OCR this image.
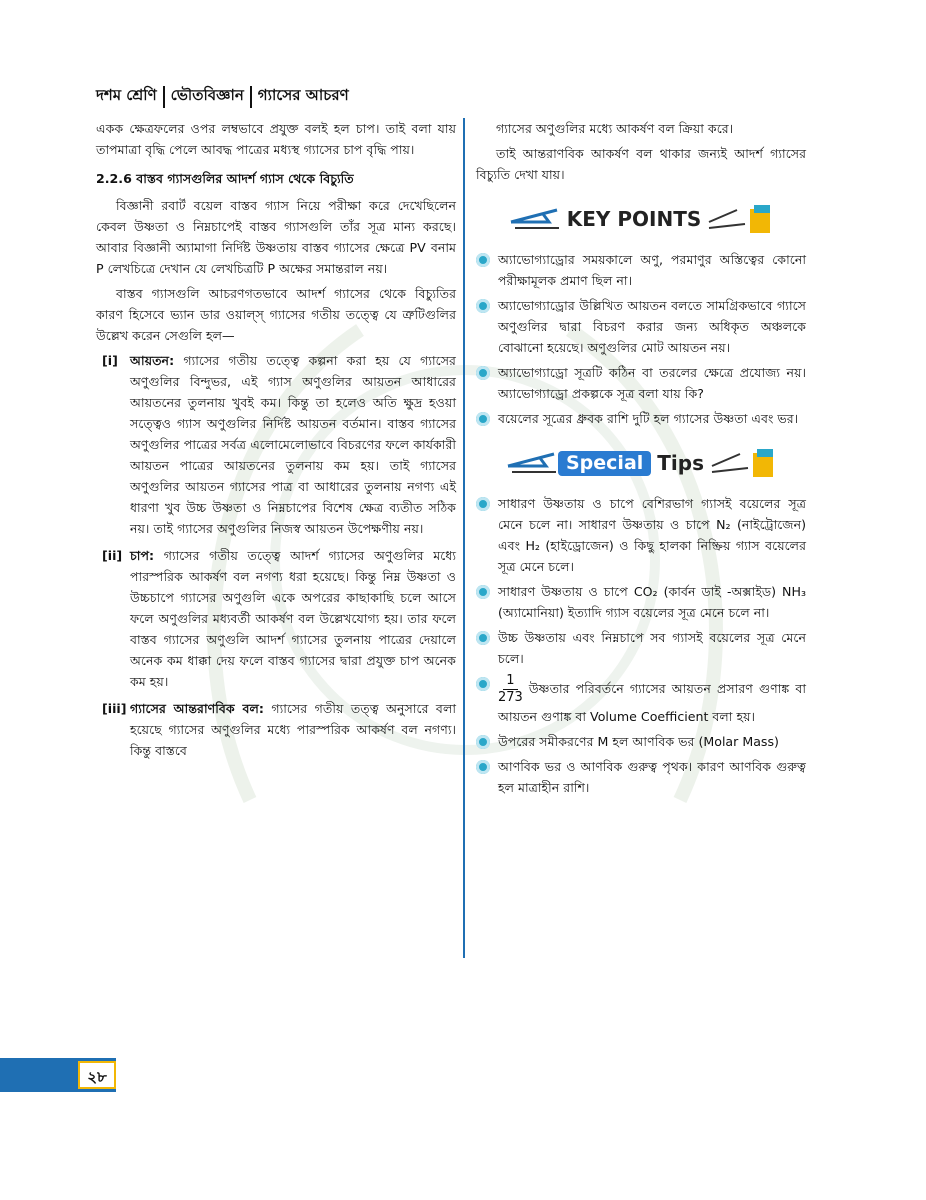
দশম শ্রেণি ভৌতবিজ্ঞান গ্যাসের আচরণ

একক ক্ষেত্রফলের ওপর লম্বভাবে প্রযুক্ত বলই হল চাপ। তাই বলা যায় তাপমাত্রা বৃদ্ধি পেলে আবদ্ধ পাত্রের মধ্যস্থ গ্যাসের চাপ বৃদ্ধি পায়।

2.2.6 বাস্তব গ্যাসগুলির আদর্শ গ্যাস থেকে বিচ্যুতি

বিজ্ঞানী রবার্ট বয়েল বাস্তব গ্যাস নিয়ে পরীক্ষা করে দেখেছিলেন কেবল উষ্ণতা ও নিম্নচাপেই বাস্তব গ্যাসগুলি তাঁর সূত্র মান্য করছে। আবার বিজ্ঞানী অ্যামাগা নির্দিষ্ট উষ্ণতায় বাস্তব গ্যাসের ক্ষেত্রে PV বনাম P লেখচিত্রে দেখান যে লেখচিত্রটি P অক্ষের সমান্তরাল নয়।

বাস্তব গ্যাসগুলি আচরণগতভাবে আদর্শ গ্যাসের থেকে বিচ্যুতির কারণ হিসেবে ভ্যান ডার ওয়াল্‌স্ গ্যাসের গতীয় তত্ত্বে যে ত্রুটিগুলির উল্লেখ করেন সেগুলি হল—

[i] আয়তন: গ্যাসের গতীয় তত্ত্বে কল্পনা করা হয় যে গ্যাসের অণুগুলির বিন্দুভর, এই গ্যাস অণুগুলির আয়তন আধারের আয়তনের তুলনায় খুবই কম। কিন্তু তা হলেও অতি ক্ষুদ্র হওয়া সত্ত্বেও গ্যাস অণুগুলির নির্দিষ্ট আয়তন বর্তমান। বাস্তব গ্যাসের অণুগুলির পাত্রের সর্বত্র এলোমেলোভাবে বিচরণের ফলে কার্যকারী আয়তন পাত্রের আয়তনের তুলনায় কম হয়। তাই গ্যাসের অণুগুলির আয়তন গ্যাসের পাত্র বা আধারের তুলনায় নগণ্য এই ধারণা খুব উচ্চ উষ্ণতা ও নিম্নচাপের বিশেষ ক্ষেত্র ব্যতীত সঠিক নয়। তাই গ্যাসের অণুগুলির নিজস্ব আয়তন উপেক্ষণীয় নয়।
[ii] চাপ: গ্যাসের গতীয় তত্ত্বে আদর্শ গ্যাসের অণুগুলির মধ্যে পারস্পরিক আকর্ষণ বল নগণ্য ধরা হয়েছে। কিন্তু নিম্ন উষ্ণতা ও উচ্চচাপে গ্যাসের অণুগুলি একে অপরের কাছাকাছি চলে আসে ফলে অণুগুলির মধ্যবর্তী আকর্ষণ বল উল্লেখযোগ্য হয়। তার ফলে বাস্তব গ্যাসের অণুগুলি আদর্শ গ্যাসের তুলনায় পাত্রের দেয়ালে অনেক কম ধাক্কা দেয় ফলে বাস্তব গ্যাসের দ্বারা প্রযুক্ত চাপ অনেক কম হয়।
[iii] গ্যাসের আন্তরাণবিক বল: গ্যাসের গতীয় তত্ত্ব অনুসারে বলা হয়েছে গ্যাসের অণুগুলির মধ্যে পারস্পরিক আকর্ষণ বল নগণ্য। কিন্তু বাস্তবে

গ্যাসের অণুগুলির মধ্যে আকর্ষণ বল ক্রিয়া করে।

তাই আন্তরাণবিক আকর্ষণ বল থাকার জন্যই আদর্শ গ্যাসের বিচ্যুতি দেখা যায়।

KEY POINTS
অ্যাভোগ্যাড্রোর সময়কালে অণু, পরমাণুর অস্তিত্বের কোনো পরীক্ষামূলক প্রমাণ ছিল না।
অ্যাভোগ্যাড্রোর উল্লিখিত আয়তন বলতে সামগ্রিকভাবে গ্যাসে অণুগুলির দ্বারা বিচরণ করার জন্য অধিকৃত অঞ্চলকে বোঝানো হয়েছে। অণুগুলির মোট আয়তন নয়।
অ্যাভোগ্যাড্রো সূত্রটি কঠিন বা তরলের ক্ষেত্রে প্রযোজ্য নয়। অ্যাভোগ্যাড্রো প্রকল্পকে সূত্র বলা যায় কি?
বয়েলের সূত্রের ধ্রুবক রাশি দুটি হল গ্যাসের উষ্ণতা এবং ভর।
Special Tips
সাধারণ উষ্ণতায় ও চাপে বেশিরভাগ গ্যাসই বয়েলের সূত্র মেনে চলে না। সাধারণ উষ্ণতায় ও চাপে N₂ (নাইট্রোজেন) এবং H₂ (হাইড্রোজেন) ও কিছু হালকা নিষ্ক্রিয় গ্যাস বয়েলের সূত্র মেনে চলে।
সাধারণ উষ্ণতায় ও চাপে CO₂ (কার্বন ডাই -অক্সাইড) NH₃ (অ্যামোনিয়া) ইত্যাদি গ্যাস বয়েলের সূত্র মেনে চলে না।
উচ্চ উষ্ণতায় এবং নিম্নচাপে সব গ্যাসই বয়েলের সূত্র মেনে চলে।
$\frac{1}{273}$ উষ্ণতার পরিবর্তনে গ্যাসের আয়তন প্রসারণ গুণাঙ্ক বা আয়তন গুণাঙ্ক বা Volume Coefficient বলা হয়।
উপরের সমীকরণের M হল আণবিক ভর (Molar Mass)
আণবিক ভর ও আণবিক গুরুত্ব পৃথক। কারণ আণবিক গুরুত্ব হল মাত্রাহীন রাশি।
২৮
